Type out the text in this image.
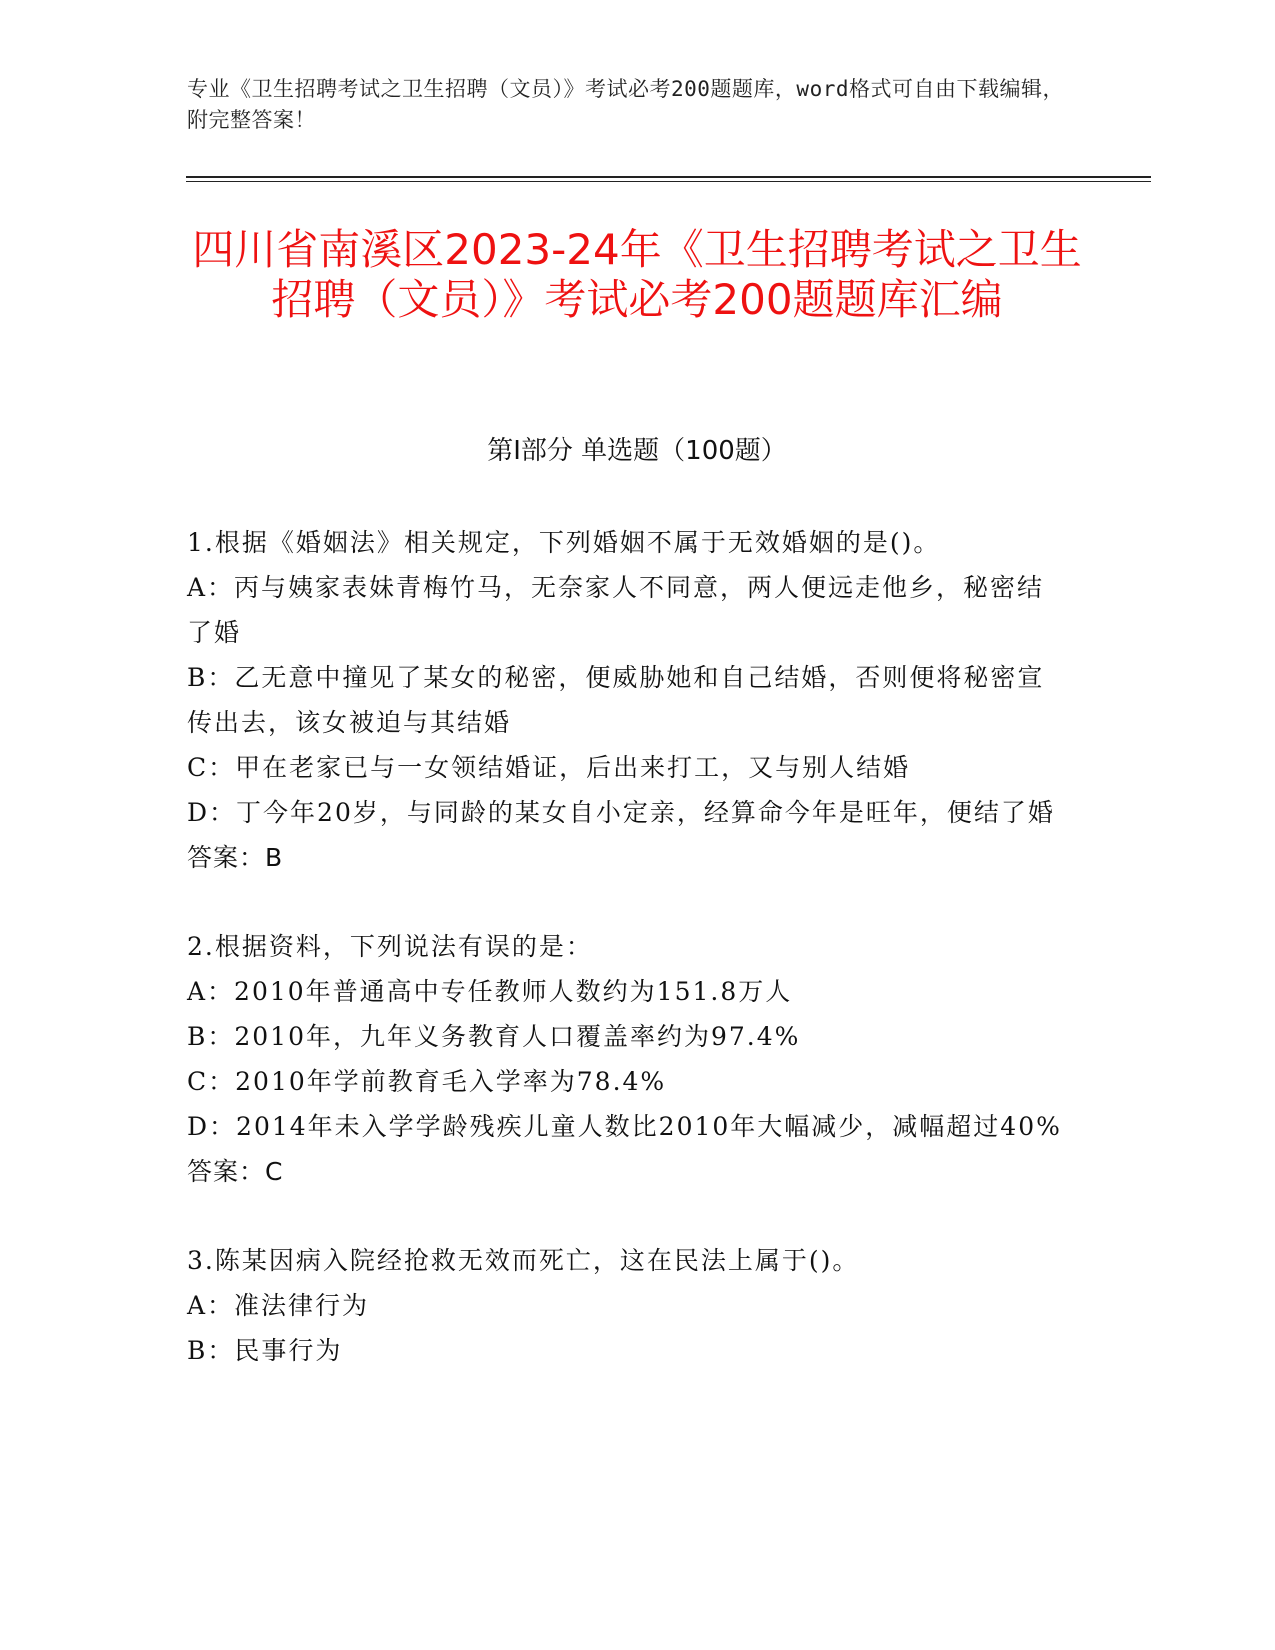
专业《卫生招聘考试之卫生招聘（文员）》考试必考200题题库，word格式可自由下载编辑，附完整答案！
四川省南溪区2023-24年《卫生招聘考试之卫生招聘（文员）》考试必考200题题库汇编
第Ⅰ部分 单选题（100题）
1.根据《婚姻法》相关规定，下列婚姻不属于无效婚姻的是()。
A：丙与姨家表妹青梅竹马，无奈家人不同意，两人便远走他乡，秘密结了婚
B：乙无意中撞见了某女的秘密，便威胁她和自己结婚，否则便将秘密宣传出去，该女被迫与其结婚
C：甲在老家已与一女领结婚证，后出来打工，又与别人结婚
D：丁今年20岁，与同龄的某女自小定亲，经算命今年是旺年，便结了婚
答案：B
2.根据资料，下列说法有误的是：
A：2010年普通高中专任教师人数约为151.8万人
B：2010年，九年义务教育人口覆盖率约为97.4%
C：2010年学前教育毛入学率为78.4%
D：2014年未入学学龄残疾儿童人数比2010年大幅减少，减幅超过40%
答案：C
3.陈某因病入院经抢救无效而死亡，这在民法上属于()。
A：准法律行为
B：民事行为
